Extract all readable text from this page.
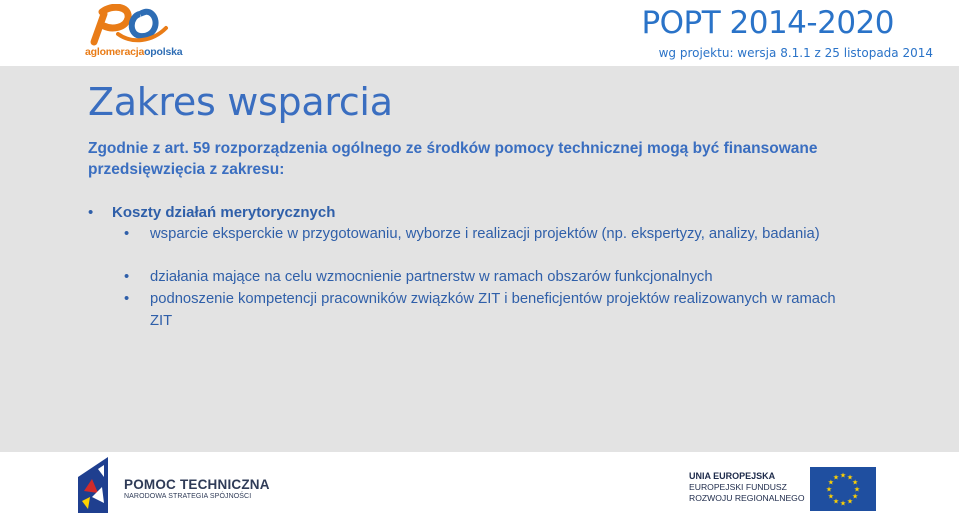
aglomeracjaopolska
POPT 2014-2020
wg projektu: wersja 8.1.1 z 25 listopada 2014
Zakres wsparcia
Zgodnie z art. 59 rozporządzenia ogólnego ze środków pomocy technicznej mogą być finansowane przedsięwzięcia z zakresu:
• Koszty działań merytorycznych
• wsparcie eksperckie w przygotowaniu, wyborze i realizacji projektów (np. ekspertyzy, analizy, badania)
• działania mające na celu wzmocnienie partnerstw w ramach obszarów funkcjonalnych
• podnoszenie kompetencji pracowników związków ZIT i beneficjentów projektów realizowanych w ramach ZIT
POMOC TECHNICZNA
NARODOWA STRATEGIA SPÓJNOŚCI
UNIA EUROPEJSKA
EUROPEJSKI FUNDUSZ
ROZWOJU REGIONALNEGO
★ ★
★
★
★
★
★
★
★
★
★
★
